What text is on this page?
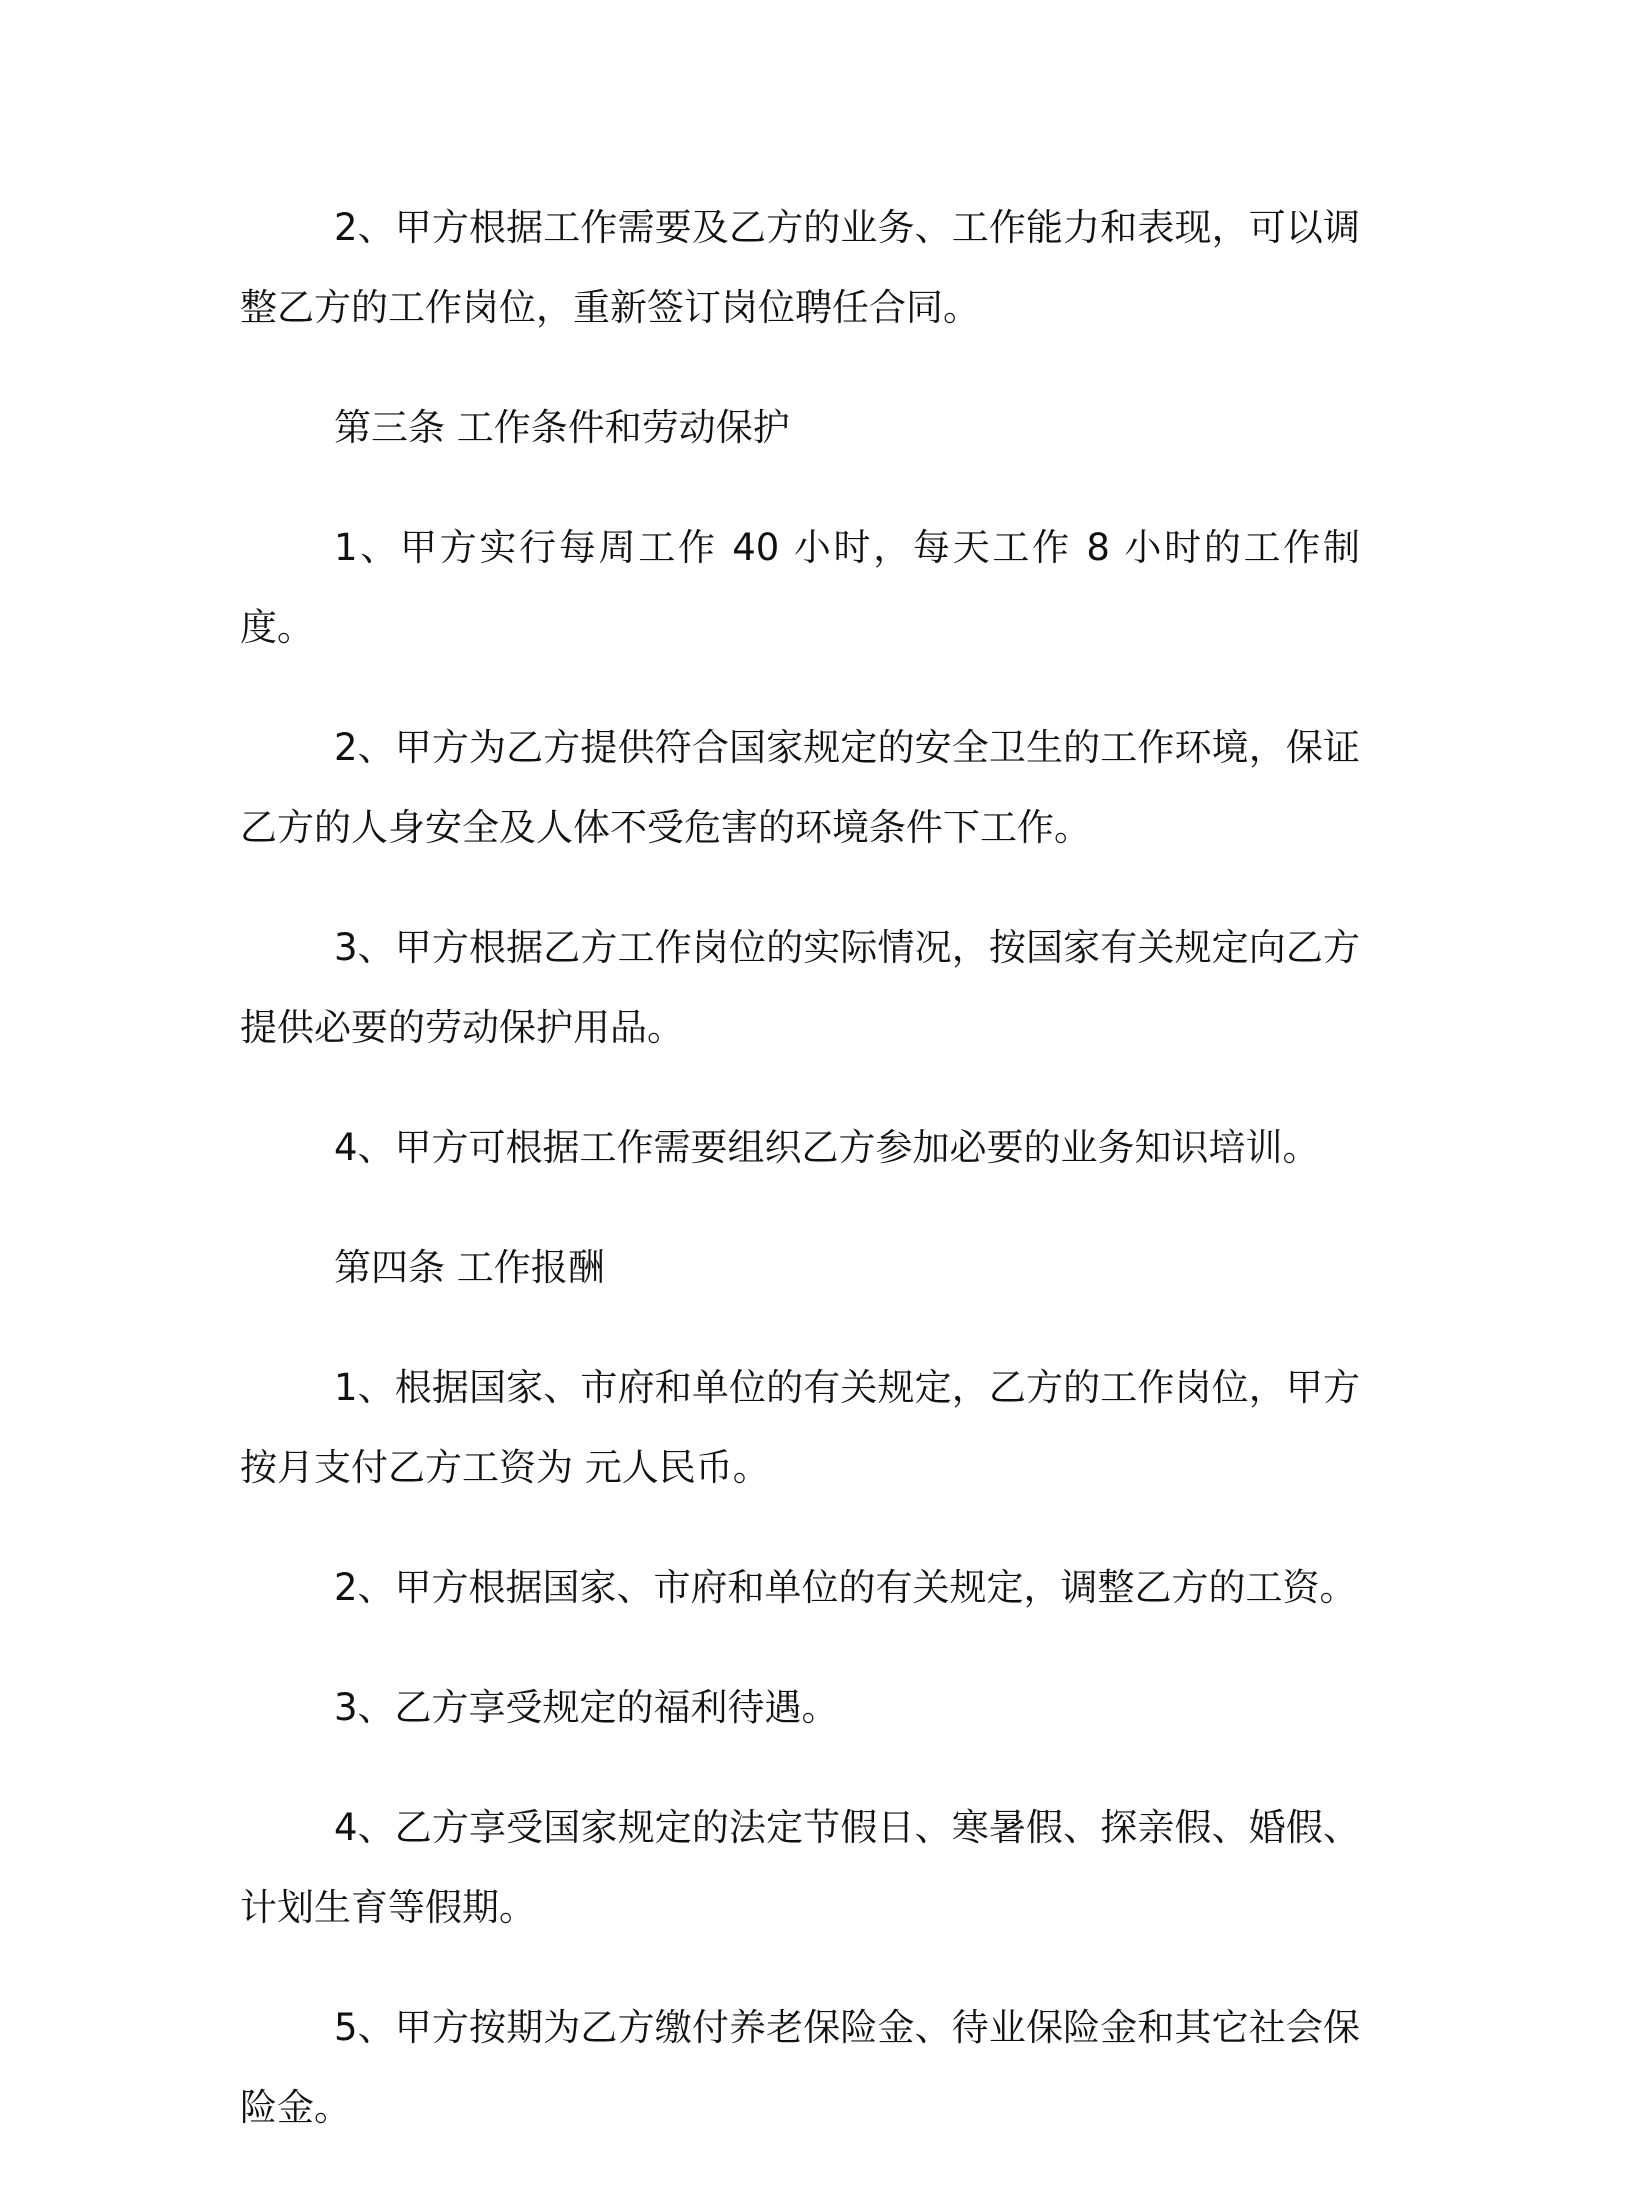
2、甲方根据工作需要及乙方的业务、工作能力和表现，可以调整乙方的工作岗位，重新签订岗位聘任合同。

第三条 工作条件和劳动保护

1、甲方实行每周工作 40 小时，每天工作 8 小时的工作制度。

2、甲方为乙方提供符合国家规定的安全卫生的工作环境，保证乙方的人身安全及人体不受危害的环境条件下工作。

3、甲方根据乙方工作岗位的实际情况，按国家有关规定向乙方提供必要的劳动保护用品。

4、甲方可根据工作需要组织乙方参加必要的业务知识培训。

第四条 工作报酬

1、根据国家、市府和单位的有关规定，乙方的工作岗位，甲方按月支付乙方工资为 元人民币。

2、甲方根据国家、市府和单位的有关规定，调整乙方的工资。

3、乙方享受规定的福利待遇。

4、乙方享受国家规定的法定节假日、寒暑假、探亲假、婚假、计划生育等假期。

5、甲方按期为乙方缴付养老保险金、待业保险金和其它社会保险金。
